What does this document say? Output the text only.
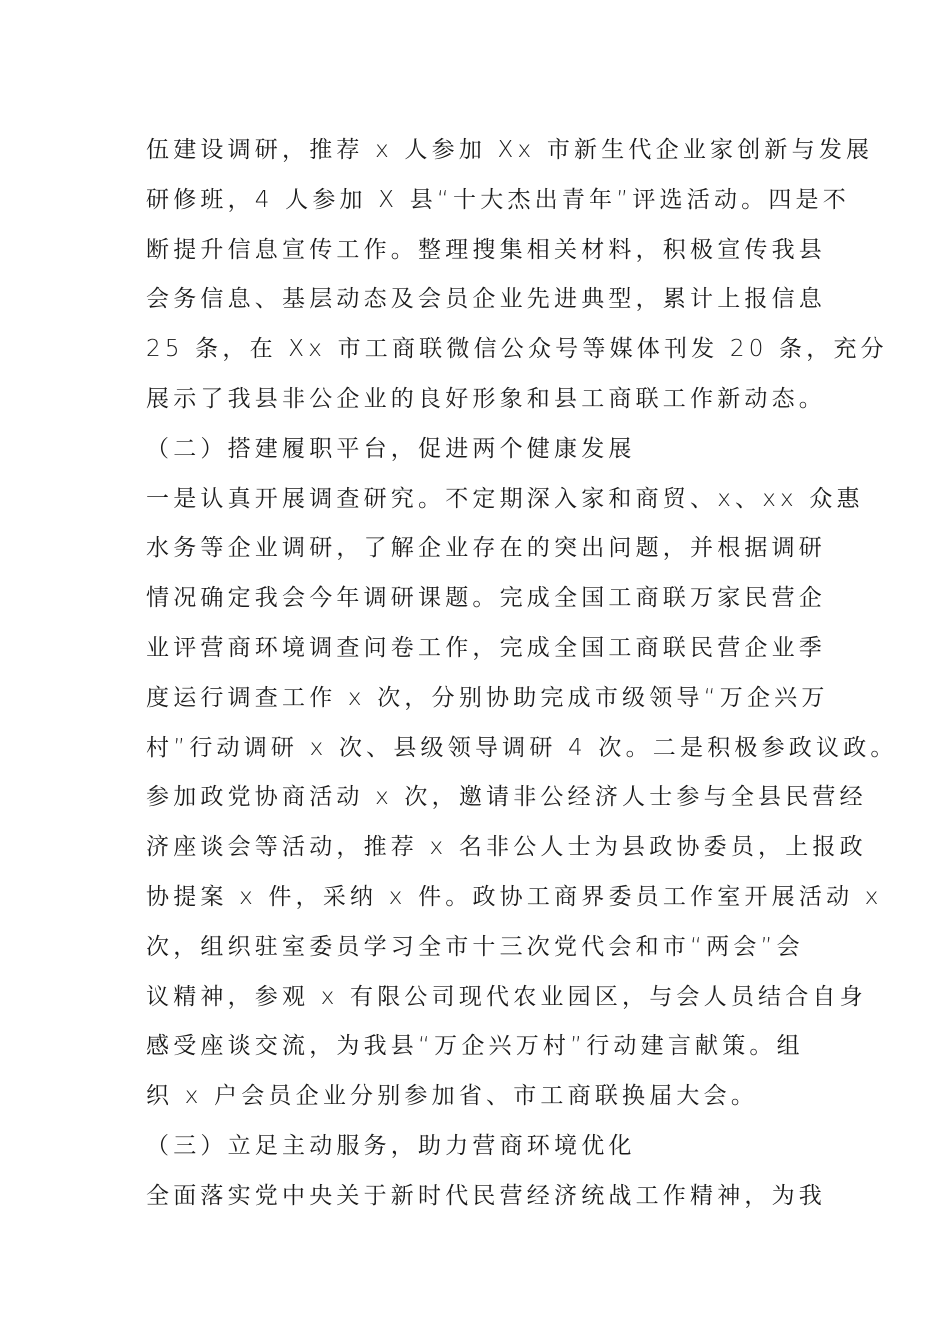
伍建设调研，推荐 x 人参加 Xx 市新生代企业家创新与发展
研修班，4 人参加 X 县“十大杰出青年”评选活动。四是不
断提升信息宣传工作。整理搜集相关材料，积极宣传我县
会务信息、基层动态及会员企业先进典型，累计上报信息
25 条，在 Xx 市工商联微信公众号等媒体刊发 20 条，充分
展示了我县非公企业的良好形象和县工商联工作新动态。
（二）搭建履职平台，促进两个健康发展
一是认真开展调查研究。不定期深入家和商贸、x、xx 众惠
水务等企业调研，了解企业存在的突出问题，并根据调研
情况确定我会今年调研课题。完成全国工商联万家民营企
业评营商环境调查问卷工作，完成全国工商联民营企业季
度运行调查工作 x 次，分别协助完成市级领导“万企兴万
村”行动调研 x 次、县级领导调研 4 次。二是积极参政议政。
参加政党协商活动 x 次，邀请非公经济人士参与全县民营经
济座谈会等活动，推荐 x 名非公人士为县政协委员，上报政
协提案 x 件，采纳 x 件。政协工商界委员工作室开展活动 x
次，组织驻室委员学习全市十三次党代会和市“两会”会
议精神，参观 x 有限公司现代农业园区，与会人员结合自身
感受座谈交流，为我县“万企兴万村”行动建言献策。组
织 x 户会员企业分别参加省、市工商联换届大会。
（三）立足主动服务，助力营商环境优化
全面落实党中央关于新时代民营经济统战工作精神，为我
